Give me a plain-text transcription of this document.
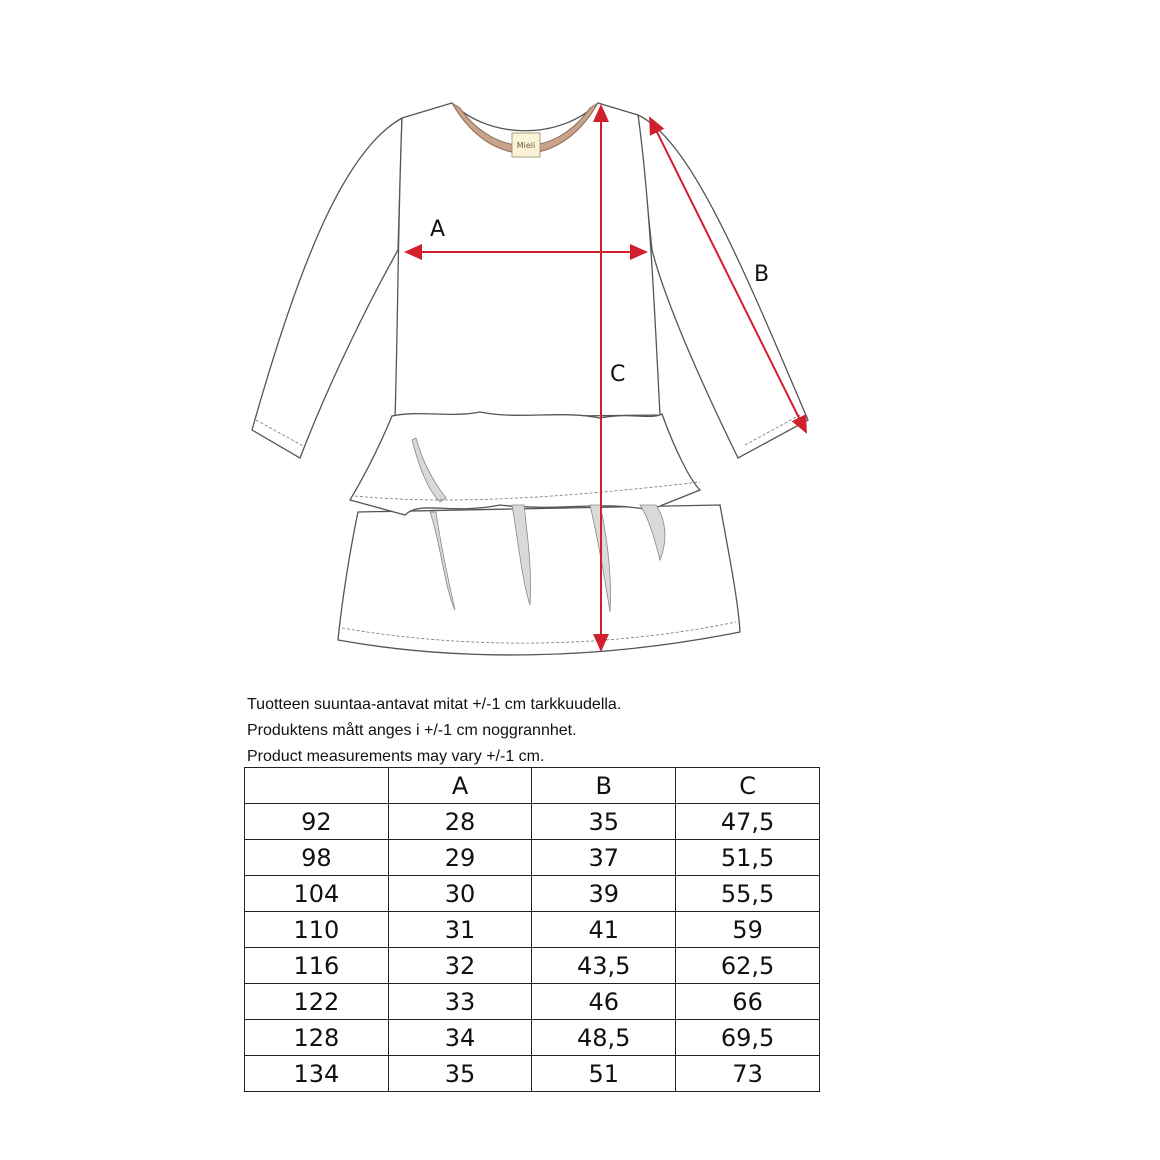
Mieli
A
B
C
Tuotteen suuntaa-antavat mitat +/-1 cm tarkkuudella.
Produktens mått anges i +/-1 cm noggrannhet.
Product measurements may vary +/-1 cm.
	A	B	C
92	28	35	47,5
98	29	37	51,5
104	30	39	55,5
110	31	41	59
116	32	43,5	62,5
122	33	46	66
128	34	48,5	69,5
134	35	51	73
